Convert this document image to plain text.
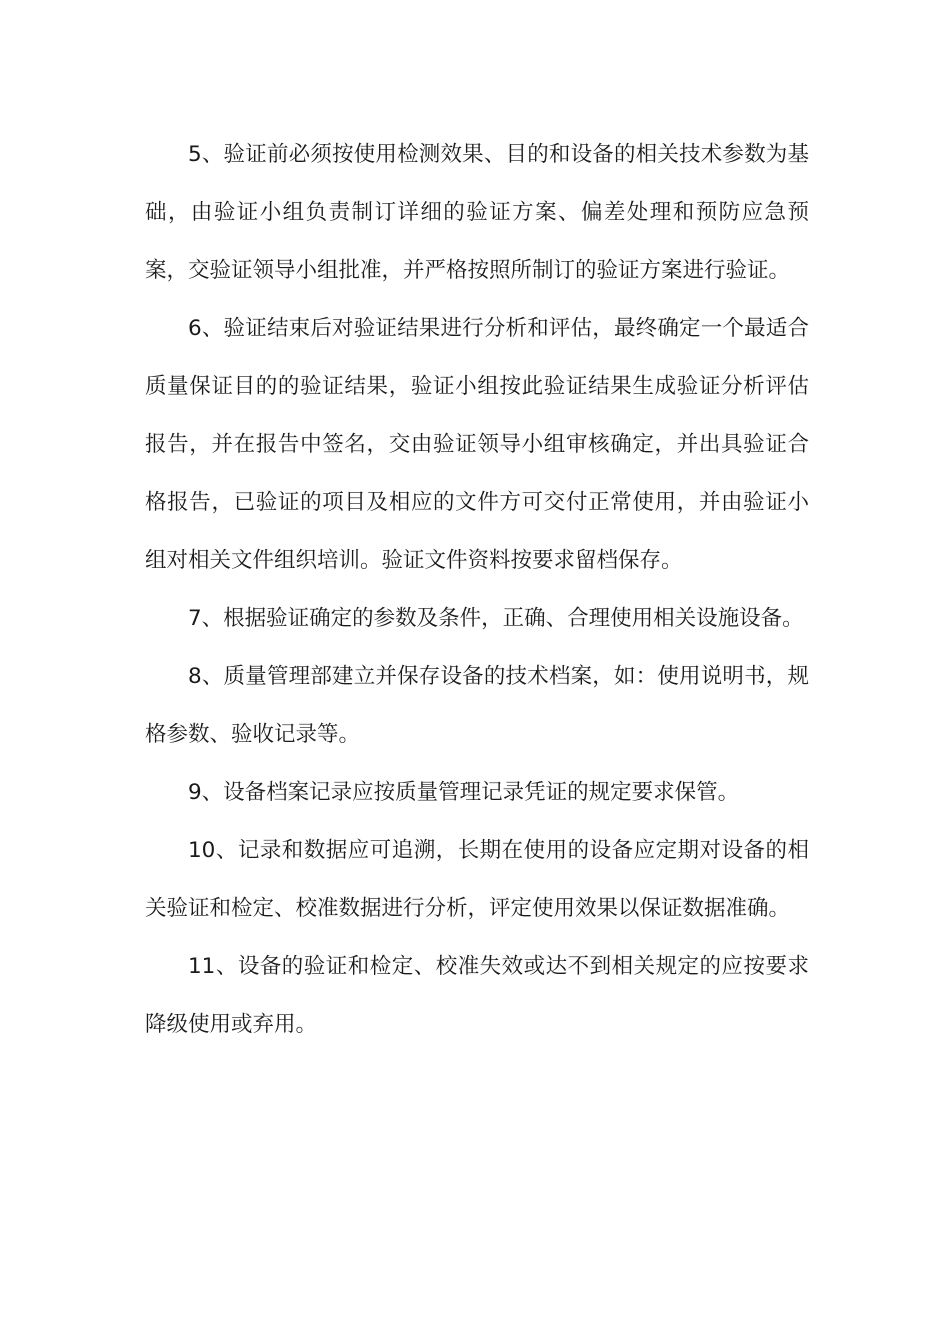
5、验证前必须按使用检测效果、目的和设备的相关技术参数为基础，由验证小组负责制订详细的验证方案、偏差处理和预防应急预案，交验证领导小组批准，并严格按照所制订的验证方案进行验证。

6、验证结束后对验证结果进行分析和评估，最终确定一个最适合质量保证目的的验证结果，验证小组按此验证结果生成验证分析评估报告，并在报告中签名，交由验证领导小组审核确定，并出具验证合格报告，已验证的项目及相应的文件方可交付正常使用，并由验证小组对相关文件组织培训。验证文件资料按要求留档保存。

7、根据验证确定的参数及条件，正确、合理使用相关设施设备。

8、质量管理部建立并保存设备的技术档案，如：使用说明书，规格参数、验收记录等。

9、设备档案记录应按质量管理记录凭证的规定要求保管。

10、记录和数据应可追溯，长期在使用的设备应定期对设备的相关验证和检定、校准数据进行分析，评定使用效果以保证数据准确。

11、设备的验证和检定、校准失效或达不到相关规定的应按要求降级使用或弃用。
